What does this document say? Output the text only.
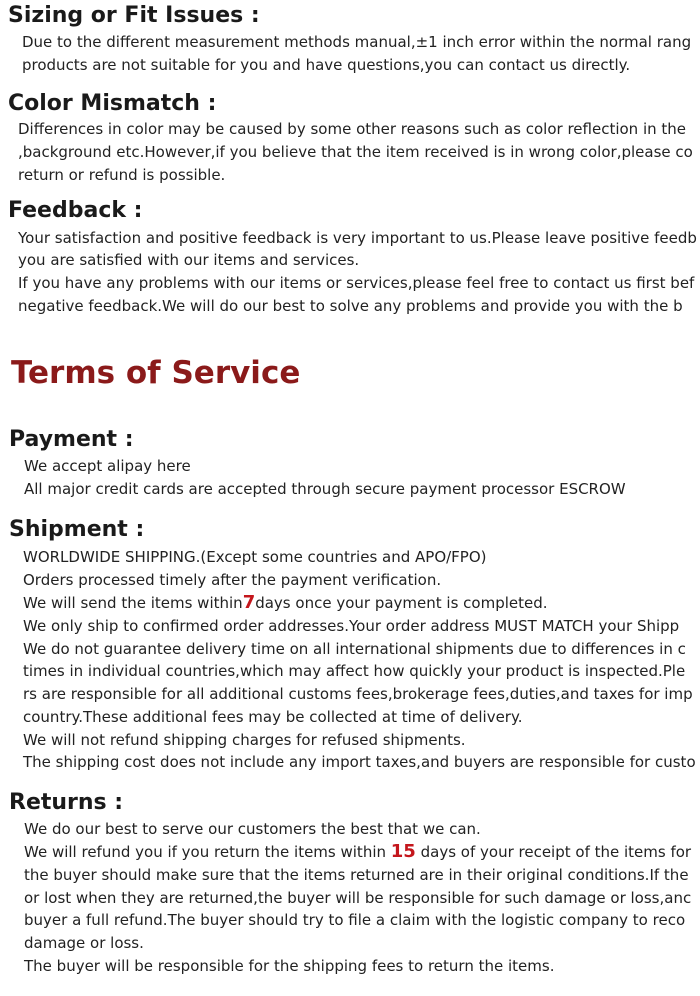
Sizing or Fit Issues :
Due to the different measurement methods manual,±1 inch error within the normal rang
products are not suitable for you and have questions,you can contact us directly.
Color Mismatch :
Differences in color may be caused by some other reasons such as color reflection in the
,background etc.However,if you believe that the item received is in wrong color,please co
return or refund is possible.
Feedback :
Your satisfaction and positive feedback is very important to us.Please leave positive feedb
you are satisfied with our items and services.
If you have any problems with our items or services,please feel free to contact us first bef
negative feedback.We will do our best to solve any problems and provide you with the b
Terms of Service
Payment :
We accept alipay here
All major credit cards are accepted through secure payment processor ESCROW
Shipment :
WORLDWIDE SHIPPING.(Except some countries and APO/FPO)
Orders processed timely after the payment verification.
We will send the items within7days once your payment is completed.
We only ship to confirmed order addresses.Your order address MUST MATCH your Shipp
We do not guarantee delivery time on all international shipments due to differences in c
times in individual countries,which may affect how quickly your product is inspected.Ple
rs are responsible for all additional customs fees,brokerage fees,duties,and taxes for imp
country.These additional fees may be collected at time of delivery.
We will not refund shipping charges for refused shipments.
The shipping cost does not include any import taxes,and buyers are responsible for custo
Returns :
We do our best to serve our customers the best that we can.
We will refund you if you return the items within 15 days of your receipt of the items for
the buyer should make sure that the items returned are in their original conditions.If the
or lost when they are returned,the buyer will be responsible for such damage or loss,anc
buyer a full refund.The buyer should try to file a claim with the logistic company to reco
damage or loss.
The buyer will be responsible for the shipping fees to return the items.
